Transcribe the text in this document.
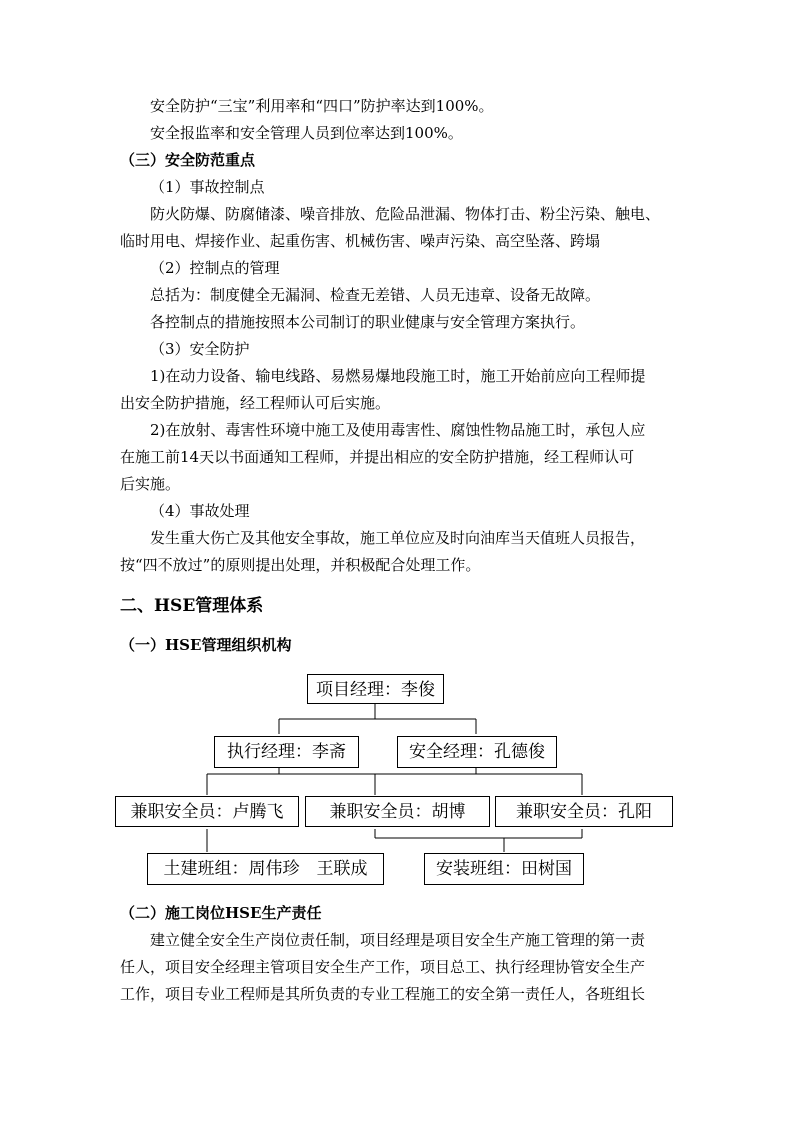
安全防护“三宝”利用率和“四口”防护率达到100%。
安全报监率和安全管理人员到位率达到100%。
（三）安全防范重点
（1）事故控制点
防火防爆、防腐储漆、噪音排放、危险品泄漏、物体打击、粉尘污染、触电、
临时用电、焊接作业、起重伤害、机械伤害、噪声污染、高空坠落、跨塌
（2）控制点的管理
总括为：制度健全无漏洞、检查无差错、人员无违章、设备无故障。
各控制点的措施按照本公司制订的职业健康与安全管理方案执行。
（3）安全防护
1)在动力设备、输电线路、易燃易爆地段施工时，施工开始前应向工程师提
出安全防护措施，经工程师认可后实施。
2)在放射、毒害性环境中施工及使用毒害性、腐蚀性物品施工时，承包人应
在施工前14天以书面通知工程师，并提出相应的安全防护措施，经工程师认可
后实施。
（4）事故处理
发生重大伤亡及其他安全事故，施工单位应及时向油库当天值班人员报告，
按“四不放过”的原则提出处理，并积极配合处理工作。
二、HSE管理体系
（一）HSE管理组织机构
项目经理：李俊
执行经理：李斋	安全经理：孔德俊
兼职安全员：卢腾飞	兼职安全员：胡博	兼职安全员：孔阳
土建班组：周伟珍　王联成	安装班组：田树国
（二）施工岗位HSE生产责任
建立健全安全生产岗位责任制，项目经理是项目安全生产施工管理的第一责
任人，项目安全经理主管项目安全生产工作，项目总工、执行经理协管安全生产
工作，项目专业工程师是其所负责的专业工程施工的安全第一责任人，各班组长
